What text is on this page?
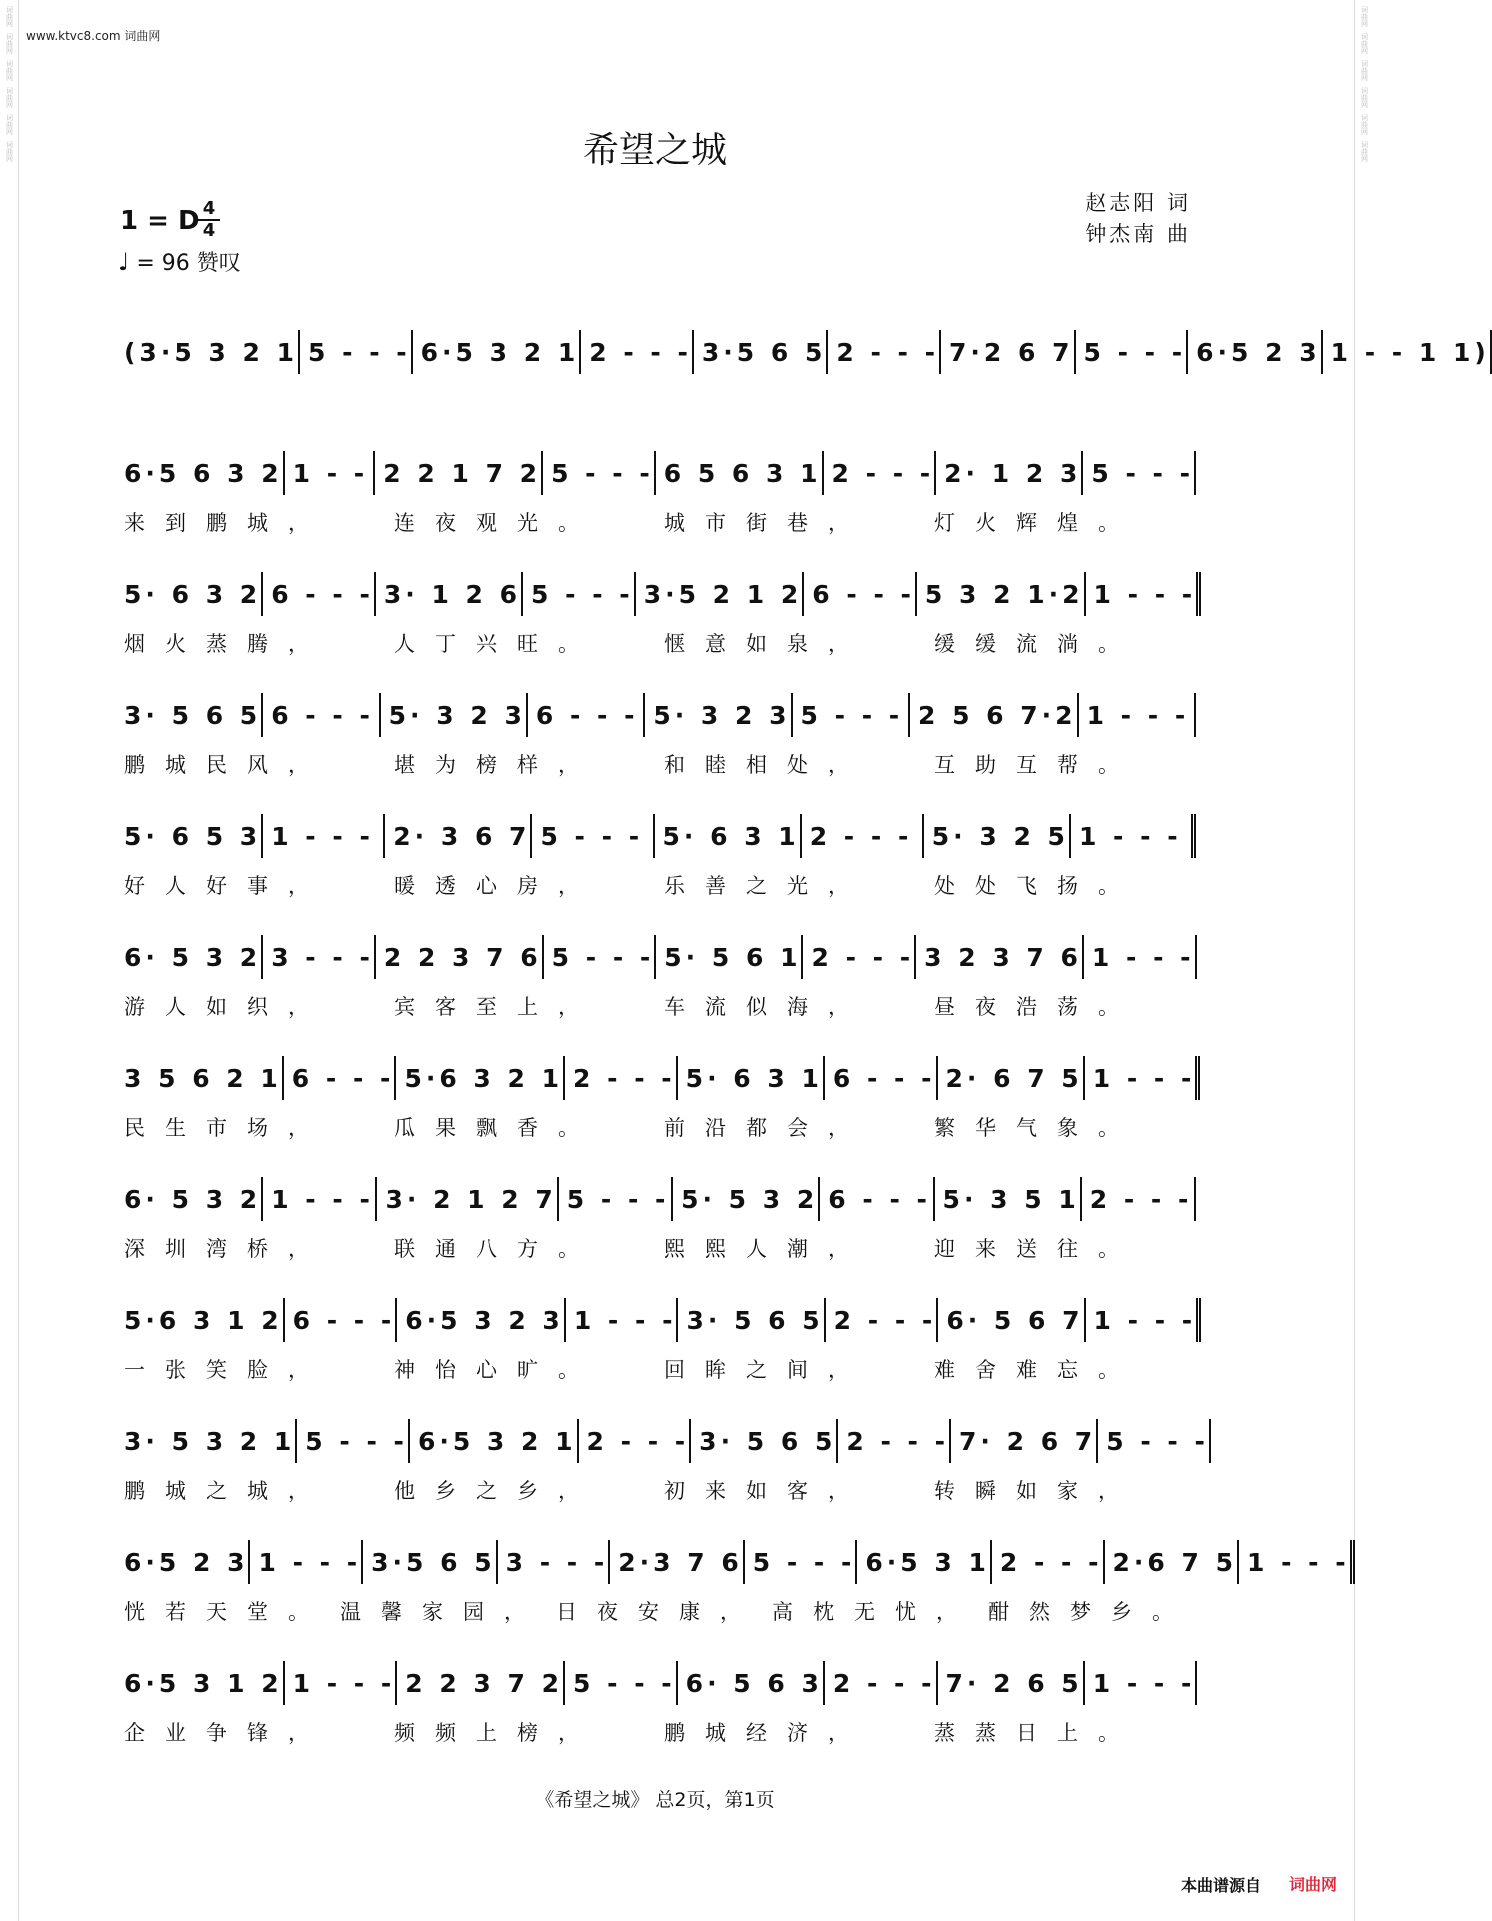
词曲网
词曲网
词曲网
词曲网
词曲网
词曲网
词曲网
词曲网
词曲网
词曲网
词曲网
词曲网
www.ktvc8.com 词曲网
希望之城
1 = D 4
4
♩ = 96 赞叹
赵志阳 词
钟杰南 曲
(3·5 3 2 1 5 - - - 6·5 3 2 1 2 - - - 3·5 6 5 2 - - - 7·2 6 7 5 - - - 6·5 2 3 1 - - 1 1)
6·5 6 3 2 1 - - 2 2 1 7 2 5 - - - 6 5 6 3 1 2 - - - 2· 1 2 3 5 - - -
来到鹏城，	连夜观光。	城市街巷，	灯火辉煌。
5· 6 3 2 6 - - - 3· 1 2 6 5 - - - 3·5 2 1 2 6 - - - 5 3 2 1·2 1 - - -
烟火蒸腾，	人丁兴旺。	惬意如泉，	缓缓流淌。
3· 5 6 5 6 - - - 5· 3 2 3 6 - - - 5· 3 2 3 5 - - - 2 5 6 7·2 1 - - -
鹏城民风，	堪为榜样，	和睦相处，	互助互帮。
5· 6 5 3 1 - - - 2· 3 6 7 5 - - - 5· 6 3 1 2 - - - 5· 3 2 5 1 - - -
好人好事，	暖透心房，	乐善之光，	处处飞扬。
6· 5 3 2 3 - - - 2 2 3 7 6 5 - - - 5· 5 6 1 2 - - - 3 2 3 7 6 1 - - -
游人如织，	宾客至上，	车流似海，	昼夜浩荡。
3 5 6 2 1 6 - - - 5·6 3 2 1 2 - - - 5· 6 3 1 6 - - - 2· 6 7 5 1 - - -
民生市场，	瓜果飘香。	前沿都会，	繁华气象。
6· 5 3 2 1 - - - 3· 2 1 2 7 5 - - - 5· 5 3 2 6 - - - 5· 3 5 1 2 - - -
深圳湾桥，	联通八方。	熙熙人潮，	迎来送往。
5·6 3 1 2 6 - - - 6·5 3 2 3 1 - - - 3· 5 6 5 2 - - - 6· 5 6 7 1 - - -
一张笑脸，	神怡心旷。	回眸之间，	难舍难忘。
3· 5 3 2 1 5 - - - 6·5 3 2 1 2 - - - 3· 5 6 5 2 - - - 7· 2 6 7 5 - - -
鹏城之城，	他乡之乡，	初来如客，	转瞬如家，
6·5 2 3 1 - - - 3·5 6 5 3 - - - 2·3 7 6 5 - - - 6·5 3 1 2 - - - 2·6 7 5 1 - - -
恍若天堂。 温馨家园， 日夜安康， 高枕无忧， 酣然梦乡。
6·5 3 1 2 1 - - - 2 2 3 7 2 5 - - - 6· 5 6 3 2 - - - 7· 2 6 5 1 - - -
企业争锋，	频频上榜，	鹏城经济，	蒸蒸日上。
《希望之城》 总2页，第1页
本曲谱源自 词曲网
